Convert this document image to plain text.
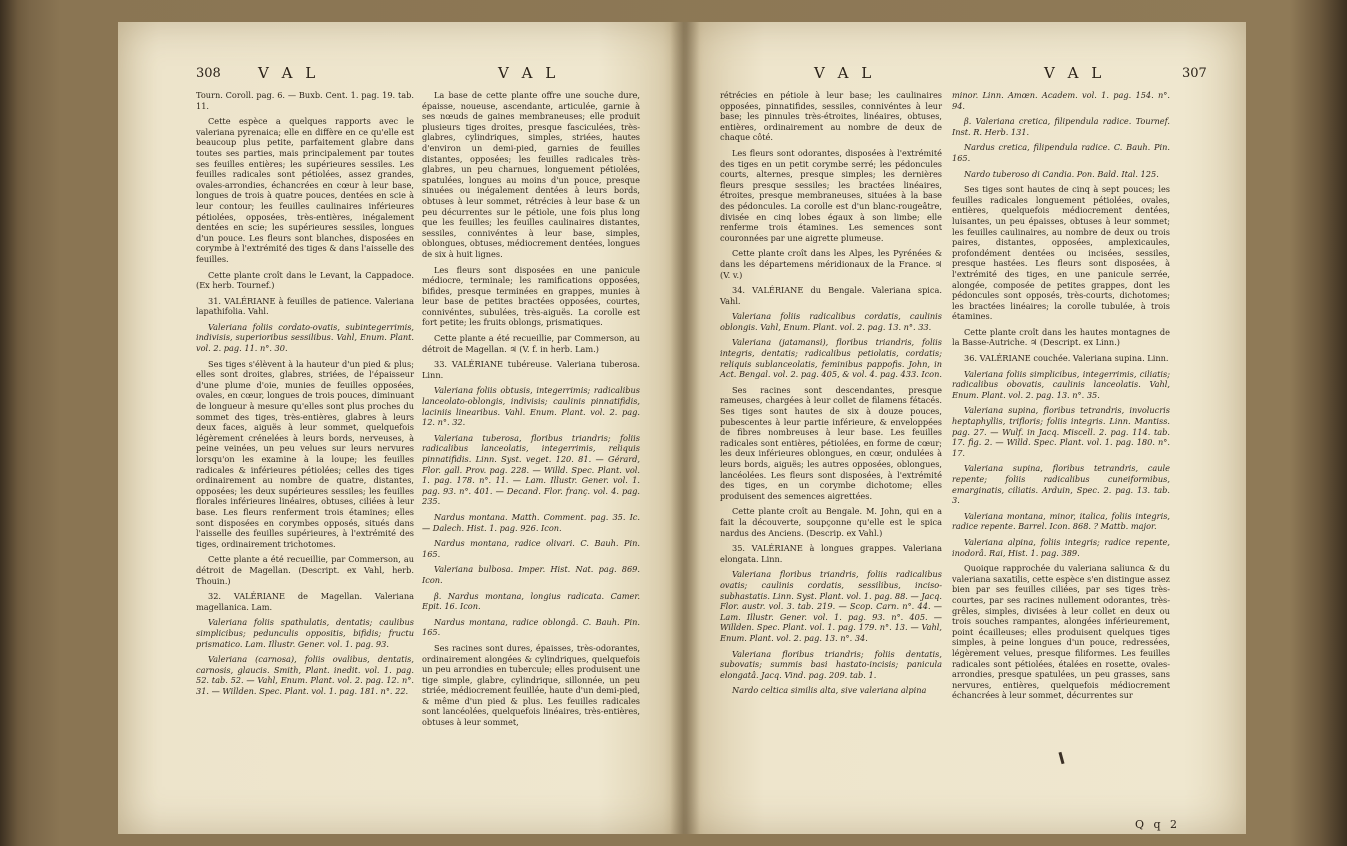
308 V A L	V A L

Tourn. Coroll. pag. 6. — Buxb. Cent. 1. pag. 19. tab. 11.

Cette espèce a quelques rapports avec le valeriana pyrenaica; elle en diffère en ce qu'elle est beaucoup plus petite, parfaitement glabre dans toutes ses parties, mais principalement par toutes ses feuilles entières; les supérieures sessiles. Les feuilles radicales sont pétiolées, assez grandes, ovales-arrondies, échancrées en cœur à leur base, longues de trois à quatre pouces, dentées en scie à leur contour; les feuilles caulinaires inférieures pétiolées, opposées, très-entières, inégalement dentées en scie; les supérieures sessiles, longues d'un pouce. Les fleurs sont blanches, disposées en corymbe à l'extrémité des tiges & dans l'aisselle des feuilles.

Cette plante croît dans le Levant, la Cappadoce. (Ex herb. Tournef.)

31. VALÉRIANE à feuilles de patience. Valeriana lapathifolia. Vahl.

Valeriana foliis cordato-ovatis, subintegerrimis, indivisis, superioribus sessilibus. Vahl, Enum. Plant. vol. 2. pag. 11. n°. 30.

Ses tiges s'élèvent à la hauteur d'un pied & plus; elles sont droites, glabres, striées, de l'épaisseur d'une plume d'oie, munies de feuilles opposées, ovales, en cœur, longues de trois pouces, diminuant de longueur à mesure qu'elles sont plus proches du sommet des tiges, très-entières, glabres à leurs deux faces, aiguës à leur sommet, quelquefois légèrement crénelées à leurs bords, nerveuses, à peine veinées, un peu velues sur leurs nervures lorsqu'on les examine à la loupe; les feuilles radicales & inférieures pétiolées; celles des tiges ordinairement au nombre de quatre, distantes, opposées; les deux supérieures sessiles; les feuilles florales inférieures linéaires, obtuses, ciliées à leur base. Les fleurs renferment trois étamines; elles sont disposées en corymbes opposés, situés dans l'aisselle des feuilles supérieures, à l'extrémité des tiges, ordinairement trichotomes.

Cette plante a été recueillie, par Commerson, au détroit de Magellan. (Descript. ex Vahl, herb. Thouin.)

32. VALÉRIANE de Magellan. Valeriana magellanica. Lam.

Valeriana foliis spathulatis, dentatis; caulibus simplicibus; pedunculis oppositis, bifidis; fructu prismatico. Lam. Illustr. Gener. vol. 1. pag. 93.

Valeriana (carnosa), foliis ovalibus, dentatis, carnosis, glaucis. Smith, Plant. inedit. vol. 1. pag. 52. tab. 52. — Vahl, Enum. Plant. vol. 2. pag. 12. n°. 31. — Willden. Spec. Plant. vol. 1. pag. 181. n°. 22.

La base de cette plante offre une souche dure, épaisse, noueuse, ascendante, articulée, garnie à ses nœuds de gaines membraneuses; elle produit plusieurs tiges droites, presque fasciculées, très-glabres, cylindriques, simples, striées, hautes d'environ un demi-pied, garnies de feuilles distantes, opposées; les feuilles radicales très-glabres, un peu charnues, longuement pétiolées, spatulées, longues au moins d'un pouce, presque sinuées ou inégalement dentées à leurs bords, obtuses à leur sommet, rétrécies à leur base & un peu décurrentes sur le pétiole, une fois plus long que les feuilles; les feuilles caulinaires distantes, sessiles, connivéntes à leur base, simples, oblongues, obtuses, médiocrement dentées, longues de six à huit lignes.

Les fleurs sont disposées en une panicule médiocre, terminale; les ramifications opposées, bifides, presque terminées en grappes, munies à leur base de petites bractées opposées, courtes, connivéntes, subulées, très-aiguës. La corolle est fort petite; les fruits oblongs, prismatiques.

Cette plante a été recueillie, par Commerson, au détroit de Magellan. ♃ (V. f. in herb. Lam.)

33. VALÉRIANE tubéreuse. Valeriana tuberosa. Linn.

Valeriana foliis obtusis, integerrimis; radicalibus lanceolato-oblongis, indivisis; caulinis pinnatifidis, laciniis linearibus. Vahl. Enum. Plant. vol. 2. pag. 12. n°. 32.

Valeriana tuberosa, floribus triandris; foliis radicalibus lanceolatis, integerrimis, reliquis pinnatifidis. Linn. Syst. veget. 120. 81. — Gérard, Flor. gall. Prov. pag. 228. — Willd. Spec. Plant. vol. 1. pag. 178. n°. 11. — Lam. Illustr. Gener. vol. 1. pag. 93. n°. 401. — Decand. Flor. franç. vol. 4. pag. 235.

Nardus montana. Matth. Comment. pag. 35. Ic. — Dalech. Hist. 1. pag. 926. Icon.

Nardus montana, radice olivari. C. Bauh. Pin. 165.

Valeriana bulbosa. Imper. Hist. Nat. pag. 869. Icon.

β. Nardus montana, longius radicata. Camer. Epit. 16. Icon.

Nardus montana, radice oblongâ. C. Bauh. Pin. 165.

Ses racines sont dures, épaisses, très-odorantes, ordinairement alongées & cylindriques, quelquefois un peu arrondies en tubercule; elles produisent une tige simple, glabre, cylindrique, sillonnée, un peu striée, médiocrement feuillée, haute d'un demi-pied, & même d'un pied & plus. Les feuilles radicales sont lancéolées, quelquefois linéaires, très-entières, obtuses à leur sommet,

V A L	V A L	307

rétrécies en pétiole à leur base; les caulinaires opposées, pinnatifides, sessiles, connivéntes à leur base; les pinnules très-étroites, linéaires, obtuses, entières, ordinairement au nombre de deux de chaque côté.

Les fleurs sont odorantes, disposées à l'extrémité des tiges en un petit corymbe serré; les pédoncules courts, alternes, presque simples; les dernières fleurs presque sessiles; les bractées linéaires, étroites, presque membraneuses, situées à la base des pédoncules. La corolle est d'un blanc-rougeâtre, divisée en cinq lobes égaux à son limbe; elle renferme trois étamines. Les semences sont couronnées par une aigrette plumeuse.

Cette plante croît dans les Alpes, les Pyrénées & dans les départemens méridionaux de la France. ♃ (V. v.)

34. VALÉRIANE du Bengale. Valeriana spica. Vahl.

Valeriana foliis radicalibus cordatis, caulinis oblongis. Vahl, Enum. Plant. vol. 2. pag. 13. n°. 33.

Valeriana (jatamansi), floribus triandris, foliis integris, dentatis; radicalibus petiolatis, cordatis; reliquis sublanceolatis, feminibus pappofis. John, in Act. Bengal. vol. 2. pag. 405, & vol. 4. pag. 433. Icon.

Ses racines sont descendantes, presque rameuses, chargées à leur collet de filamens fétacés. Ses tiges sont hautes de six à douze pouces, pubescentes à leur partie inférieure, & enveloppées de fibres nombreuses à leur base. Les feuilles radicales sont entières, pétiolées, en forme de cœur; les deux inférieures oblongues, en cœur, ondulées à leurs bords, aiguës; les autres opposées, oblongues, lancéolées. Les fleurs sont disposées, à l'extrémité des tiges, en un corymbe dichotome; elles produisent des semences aigrettées.

Cette plante croît au Bengale. M. John, qui en a fait la découverte, soupçonne qu'elle est le spica nardus des Anciens. (Descrip. ex Vahl.)

35. VALÉRIANE à longues grappes. Valeriana elongata. Linn.

Valeriana floribus triandris, foliis radicalibus ovatis; caulinis cordatis, sessilibus, inciso-subhastatis. Linn. Syst. Plant. vol. 1. pag. 88. — Jacq. Flor. austr. vol. 3. tab. 219. — Scop. Carn. n°. 44. — Lam. Illustr. Gener. vol. 1. pag. 93. n°. 405. — Willden. Spec. Plant. vol. 1. pag. 179. n°. 13. — Vahl, Enum. Plant. vol. 2. pag. 13. n°. 34.

Valeriana floribus triandris; foliis dentatis, subovatis; summis basi hastato-incisis; panicula elongatâ. Jacq. Vind. pag. 209. tab. 1.

Nardo celtica similis alta, sive valeriana alpina

minor. Linn. Amœn. Academ. vol. 1. pag. 154. n°. 94.

β. Valeriana cretica, filipendula radice. Tournef. Inst. R. Herb. 131.

Nardus cretica, filipendula radice. C. Bauh. Pin. 165.

Nardo tuberoso di Candia. Pon. Bald. Ital. 125.

Ses tiges sont hautes de cinq à sept pouces; les feuilles radicales longuement pétiolées, ovales, entières, quelquefois médiocrement dentées, luisantes, un peu épaisses, obtuses à leur sommet; les feuilles caulinaires, au nombre de deux ou trois paires, distantes, opposées, amplexicaules, profondément dentées ou incisées, sessiles, presque hastées. Les fleurs sont disposées, à l'extrémité des tiges, en une panicule serrée, alongée, composée de petites grappes, dont les pédoncules sont opposés, très-courts, dichotomes; les bractées linéaires; la corolle tubulée, à trois étamines.

Cette plante croît dans les hautes montagnes de la Basse-Autriche. ♃ (Descript. ex Linn.)

36. VALÉRIANE couchée. Valeriana supina. Linn.

Valeriana foliis simplicibus, integerrimis, ciliatis; radicalibus obovatis, caulinis lanceolatis. Vahl, Enum. Plant. vol. 2. pag. 13. n°. 35.

Valeriana supina, floribus tetrandris, involucris heptaphyllis, trifloris; foliis integris. Linn. Mantiss. pag. 27. — Wulf. in Jacq. Miscell. 2. pag. 114. tab. 17. fig. 2. — Willd. Spec. Plant. vol. 1. pag. 180. n°. 17.

Valeriana supina, floribus tetrandris, caule repente; foliis radicalibus cuneiformibus, emarginatis, ciliatis. Arduin, Spec. 2. pag. 13. tab. 3.

Valeriana montana, minor, italica, foliis integris, radice repente. Barrel. Icon. 868. ? Mattb. major.

Valeriana alpina, foliis integris; radice repente, inodorâ. Rai, Hist. 1. pag. 389.

Quoique rapprochée du valeriana saliunca & du valeriana saxatilis, cette espèce s'en distingue assez bien par ses feuilles ciliées, par ses tiges très-courtes, par ses racines nullement odorantes, très-grêles, simples, divisées à leur collet en deux ou trois souches rampantes, alongées inférieurement, point écailleuses; elles produisent quelques tiges simples, à peine longues d'un pouce, redressées, légèrement velues, presque filiformes. Les feuilles radicales sont pétiolées, étalées en rosette, ovales-arrondies, presque spatulées, un peu grasses, sans nervures, entières, quelquefois médiocrement échancrées à leur sommet, décurrentes sur

Q q 2
